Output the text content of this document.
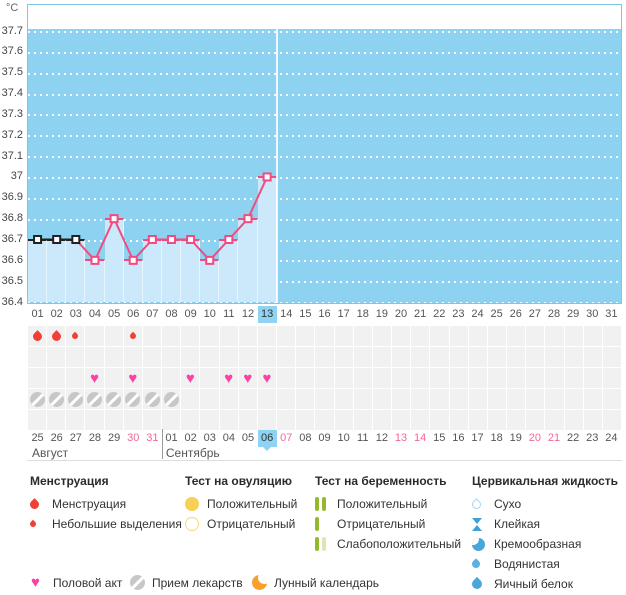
°C
37.7
37.6
37.5
37.4
37.3
37.2
37.1
37
36.9
36.8
36.7
36.6
36.5
36.4
01 02 03 04 05 06 07 08 09 10 11 12 13 14 15 16 17 18 19 20 21 22 23 24 25 26 27 28 29 30 31
♥
♥
♥
♥
♥
♥
25 26 27 28 29 30 31 01 02 03 04 05 06 07 08 09 10 11 12 13 14 15 16 17 18 19 20 21 22 23 24
Август	Сентябрь
Менструация
Менструация
Небольшие выделения
Тест на овуляцию
Положительный
Отрицательный
Тест на беременность
Положительный
Отрицательный
Слабоположительный
Цервикальная жидкость
Сухо
Клейкая
Кремообразная
Водянистая
Яичный белок
♥
Половой акт Прием лекарств	Лунный календарь
